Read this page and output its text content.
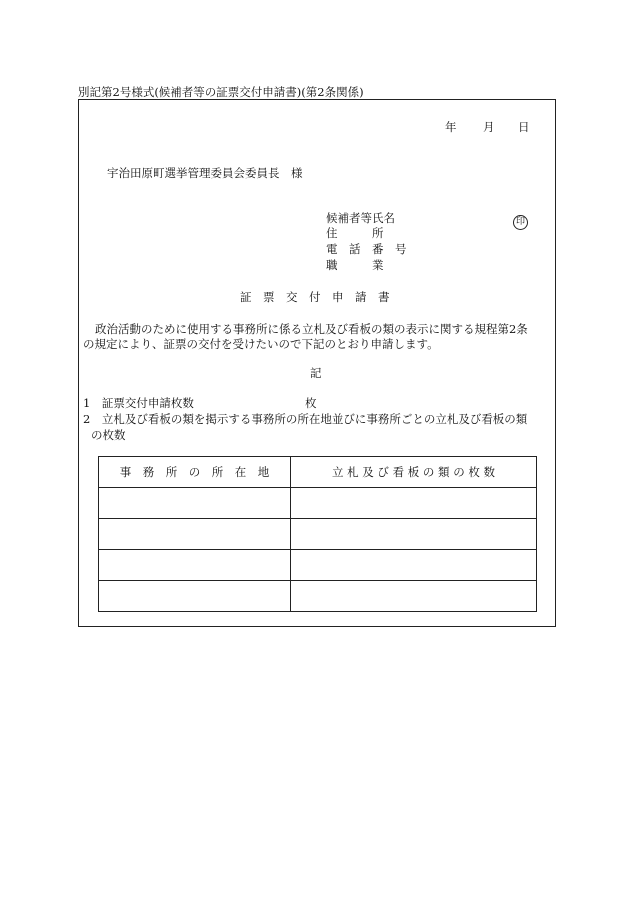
別記第2号様式(候補者等の証票交付申請書)(第2条関係)
年 月 日
宇治田原町選挙管理委員会委員長　様
候補者等氏名	印
住　　　所
電　話　番　号
職　　　業
証　票　交　付　申　請　書
政治活動のために使用する事務所に係る立札及び看板の類の表示に関する規程第2条
の規定により、証票の交付を受けたいので下記のとおり申請します。
記
1　証票交付申請枚数	枚
2　立札及び看板の類を掲示する事務所の所在地並びに事務所ごとの立札及び看板の類
の枚数
事　務　所　の　所　在　地	立 札 及 び 看 板 の 類 の 枚 数
